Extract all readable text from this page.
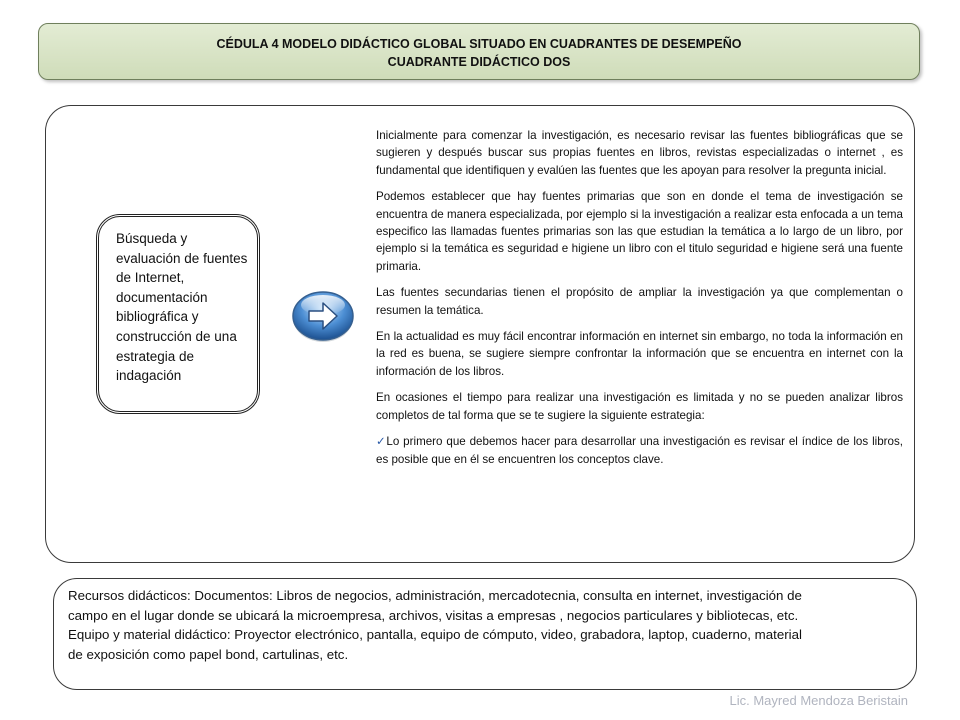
CÉDULA 4 MODELO DIDÁCTICO GLOBAL SITUADO EN CUADRANTES DE DESEMPEÑO
CUADRANTE DIDÁCTICO DOS
Búsqueda y evaluación de fuentes de Internet, documentación bibliográfica y construcción de una estrategia de indagación

Inicialmente para comenzar la investigación, es necesario revisar las fuentes bibliográficas que se sugieren y después buscar sus propias fuentes en libros, revistas especializadas o internet , es fundamental que identifiquen y evalúen las fuentes que les apoyan para resolver la pregunta inicial.

Podemos establecer que hay fuentes primarias que son en donde el tema de investigación se encuentra de manera especializada, por ejemplo si la investigación a realizar esta enfocada a un tema especifico las llamadas fuentes primarias son las que estudian la temática a lo largo de un libro, por ejemplo si la temática es seguridad e higiene un libro con el titulo seguridad e higiene será una fuente primaria.

Las fuentes secundarias tienen el propósito de ampliar la investigación ya que complementan o resumen la temática.

En la actualidad es muy fácil encontrar información en internet sin embargo, no toda la información en la red es buena, se sugiere siempre confrontar la información que se encuentra en internet con la información de los libros.

En ocasiones el tiempo para realizar una investigación es limitada y no se pueden analizar libros completos de tal forma que se te sugiere la siguiente estrategia:

✓Lo primero que debemos hacer para desarrollar una investigación es revisar el índice de los libros, es posible que en él se encuentren los conceptos clave.

Recursos didácticos: Documentos: Libros de negocios, administración, mercadotecnia, consulta en internet, investigación de
campo en el lugar donde se ubicará la microempresa, archivos, visitas a empresas , negocios particulares y bibliotecas, etc.
Equipo y material didáctico: Proyector electrónico, pantalla, equipo de cómputo, video, grabadora, laptop, cuaderno, material
de exposición como papel bond, cartulinas, etc.
Lic. Mayred Mendoza Beristain
